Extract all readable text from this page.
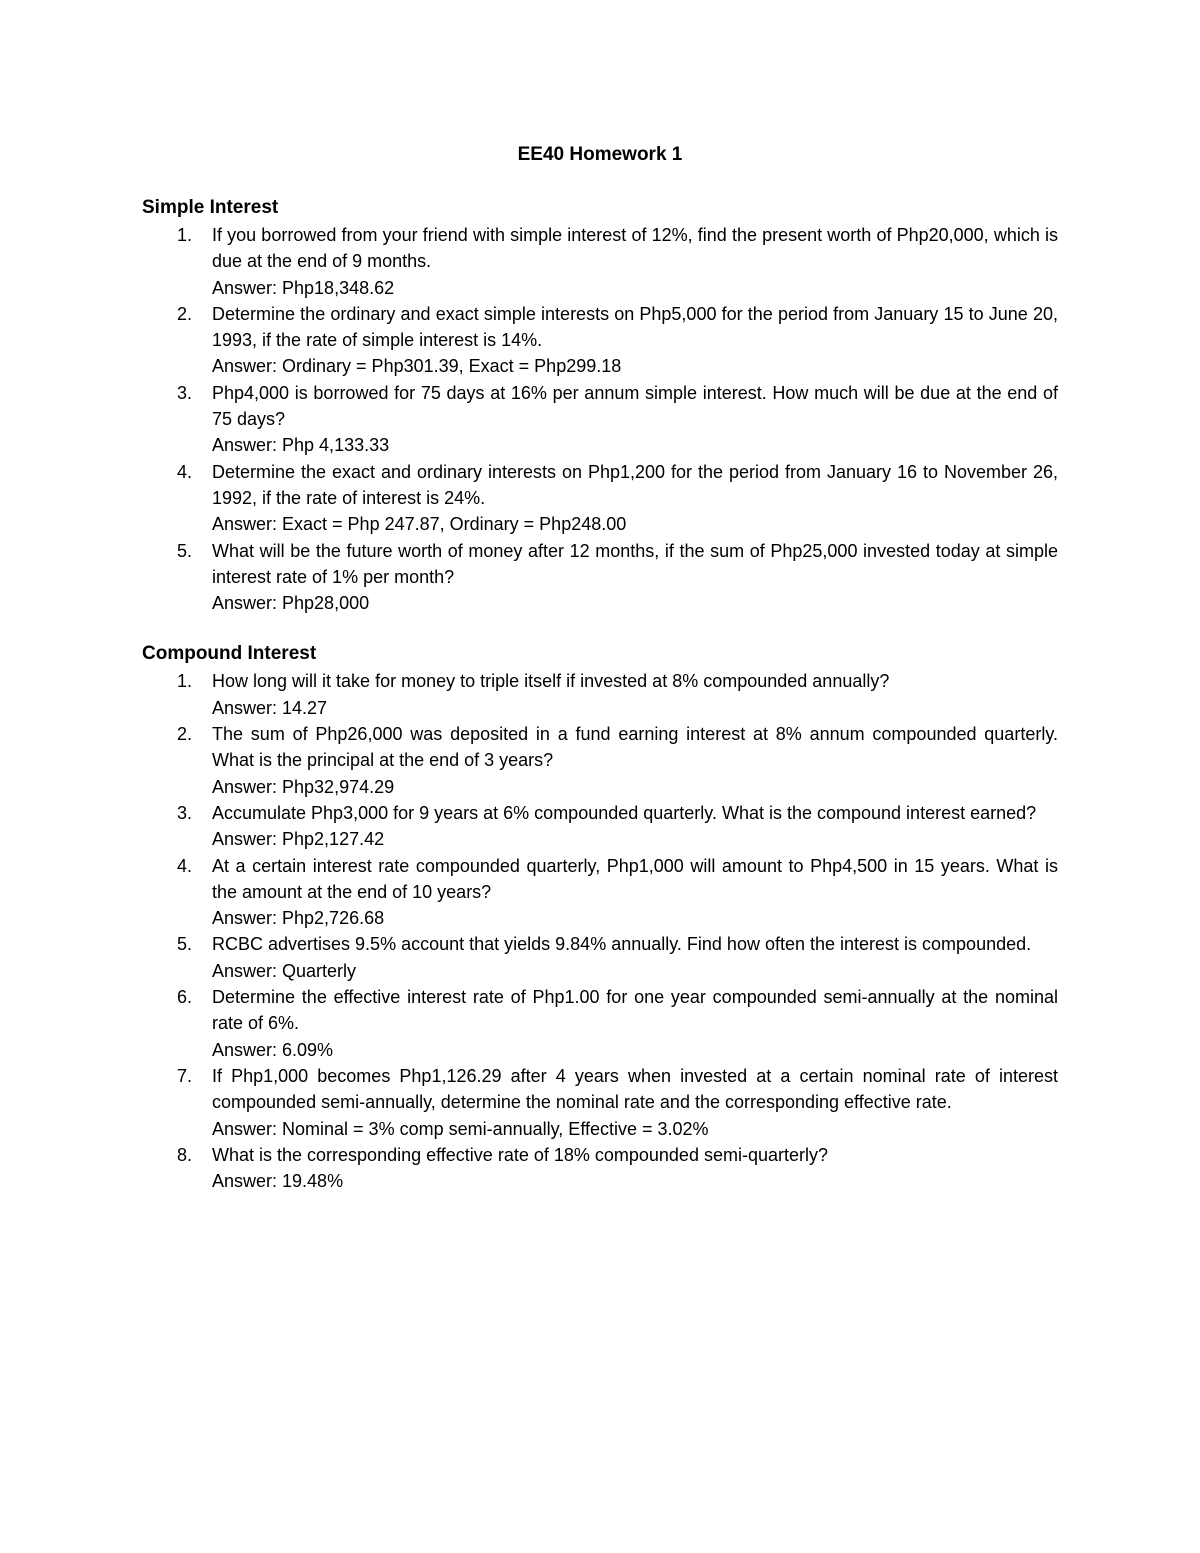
EE40 Homework 1
Simple Interest
1. If you borrowed from your friend with simple interest of 12%, find the present worth of Php20,000, which is due at the end of 9 months.
Answer: Php18,348.62
2. Determine the ordinary and exact simple interests on Php5,000 for the period from January 15 to June 20, 1993, if the rate of simple interest is 14%.
Answer: Ordinary = Php301.39, Exact = Php299.18
3. Php4,000 is borrowed for 75 days at 16% per annum simple interest. How much will be due at the end of 75 days?
Answer: Php 4,133.33
4. Determine the exact and ordinary interests on Php1,200 for the period from January 16 to November 26, 1992, if the rate of interest is 24%.
Answer: Exact = Php 247.87, Ordinary = Php248.00
5. What will be the future worth of money after 12 months, if the sum of Php25,000 invested today at simple interest rate of 1% per month?
Answer: Php28,000
Compound Interest
1. How long will it take for money to triple itself if invested at 8% compounded annually?
Answer: 14.27
2. The sum of Php26,000 was deposited in a fund earning interest at 8% annum compounded quarterly. What is the principal at the end of 3 years?
Answer: Php32,974.29
3. Accumulate Php3,000 for 9 years at 6% compounded quarterly. What is the compound interest earned?
Answer: Php2,127.42
4. At a certain interest rate compounded quarterly, Php1,000 will amount to Php4,500 in 15 years. What is the amount at the end of 10 years?
Answer: Php2,726.68
5. RCBC advertises 9.5% account that yields 9.84% annually. Find how often the interest is compounded.
Answer: Quarterly
6. Determine the effective interest rate of Php1.00 for one year compounded semi-annually at the nominal rate of 6%.
Answer: 6.09%
7. If Php1,000 becomes Php1,126.29 after 4 years when invested at a certain nominal rate of interest compounded semi-annually, determine the nominal rate and the corresponding effective rate.
Answer: Nominal = 3% comp semi-annually, Effective = 3.02%
8. What is the corresponding effective rate of 18% compounded semi-quarterly?
Answer: 19.48%
